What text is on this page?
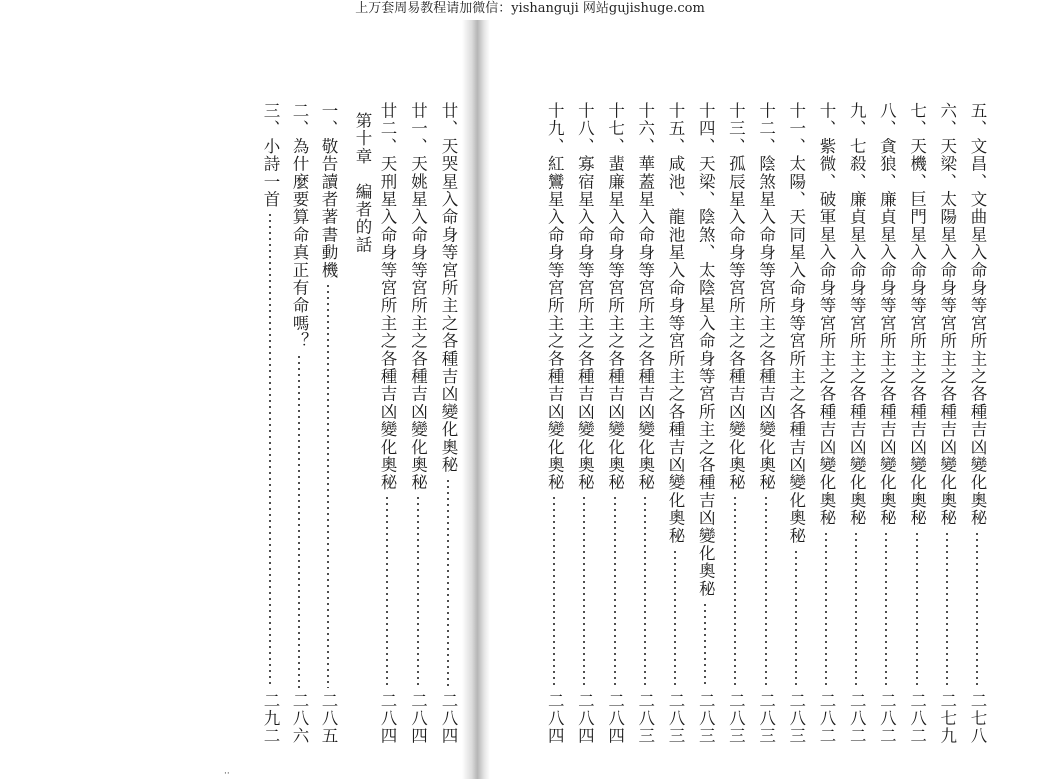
上万套周易教程请加微信：yishanguji 网站gujishuge.com
五、文昌、文曲星入命身等宮所主之各種吉凶變化奧秘
二七八
六、天梁、太陽星入命身等宮所主之各種吉凶變化奧秘
二七九
七、天機、巨門星入命身等宮所主之各種吉凶變化奧秘
二八二
八、貪狼、廉貞星入命身等宮所主之各種吉凶變化奧秘
二八二
九、七殺、廉貞星入命身等宮所主之各種吉凶變化奧秘
二八二
十、紫微、破軍星入命身等宮所主之各種吉凶變化奧秘
二八二
十一、太陽、天同星入命身等宮所主之各種吉凶變化奧秘
二八三
十二、陰煞星入命身等宮所主之各種吉凶變化奧秘
二八三
十三、孤辰星入命身等宮所主之各種吉凶變化奧秘
二八三
十四、天梁、陰煞、太陰星入命身等宮所主之各種吉凶變化奧秘
二八三
十五、咸池、龍池星入命身等宮所主之各種吉凶變化奧秘
二八三
十六、華蓋星入命身等宮所主之各種吉凶變化奧秘
二八三
十七、蜚廉星入命身等宮所主之各種吉凶變化奧秘
二八四
十八、寡宿星入命身等宮所主之各種吉凶變化奧秘
二八四
十九、紅鸞星入命身等宮所主之各種吉凶變化奧秘
二八四
廿、天哭星入命身等宮所主之各種吉凶變化奧秘
二八四
廿一、天姚星入命身等宮所主之各種吉凶變化奧秘
二八四
廿二、天刑星入命身等宮所主之各種吉凶變化奧秘
二八四
一、敬告讀者著書動機
二八五
二、為什麼要算命真正有命嗎？
二八六
三、小詩一首
二九二
第十章　編者的話
··
